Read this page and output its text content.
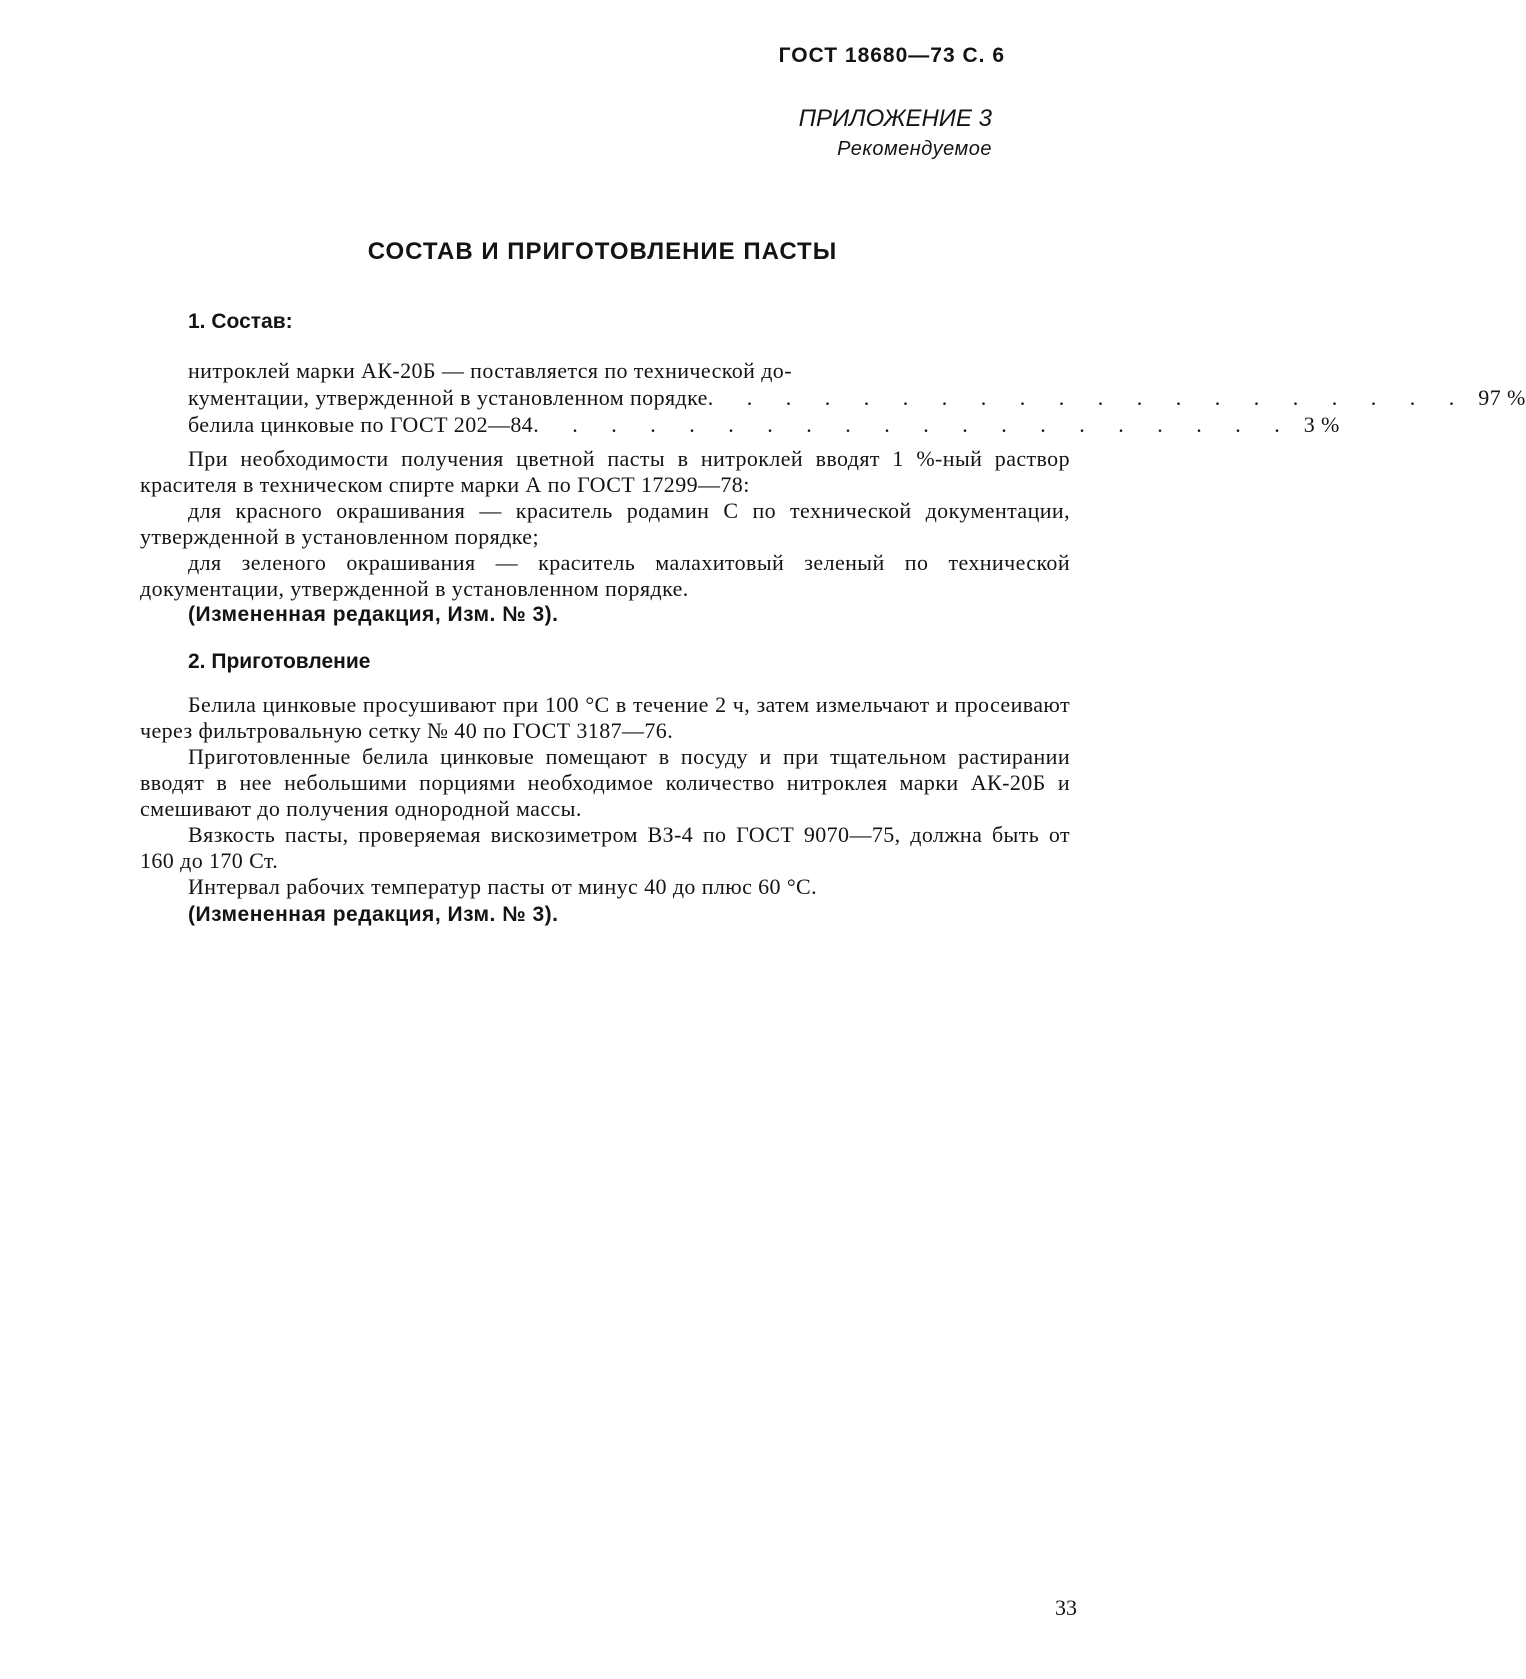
ГОСТ 18680—73 С. 6
ПРИЛОЖЕНИЕ 3
Рекомендуемое
СОСТАВ И ПРИГОТОВЛЕНИЕ ПАСТЫ
1. Состав:
нитроклей марки АК-20Б — поставляется по технической до-
кументации, утвержденной в установленном порядке . . . . . . . . . . . . . . . . . . . . 97 %
белила цинковые по ГОСТ 202—84 . . . . . . . . . . . . . . . . . . . . 3 %
При необходимости получения цветной пасты в нитроклей вводят 1 %-ный раствор красителя в техническом спирте марки А по ГОСТ 17299—78:
для красного окрашивания — краситель родамин С по технической документации, утвержденной в установленном порядке;
для зеленого окрашивания — краситель малахитовый зеленый по технической документации, утвержденной в установленном порядке.
(Измененная редакция, Изм. № 3).
2. Приготовление
Белила цинковые просушивают при 100 °С в течение 2 ч, затем измельчают и просеивают через фильтровальную сетку № 40 по ГОСТ 3187—76.
Приготовленные белила цинковые помещают в посуду и при тщательном растирании вводят в нее небольшими порциями необходимое количество нитроклея марки АК-20Б и смешивают до получения однородной массы.
Вязкость пасты, проверяемая вискозиметром ВЗ-4 по ГОСТ 9070—75, должна быть от 160 до 170 Ст.
Интервал рабочих температур пасты от минус 40 до плюс 60 °С.
(Измененная редакция, Изм. № 3).
33
